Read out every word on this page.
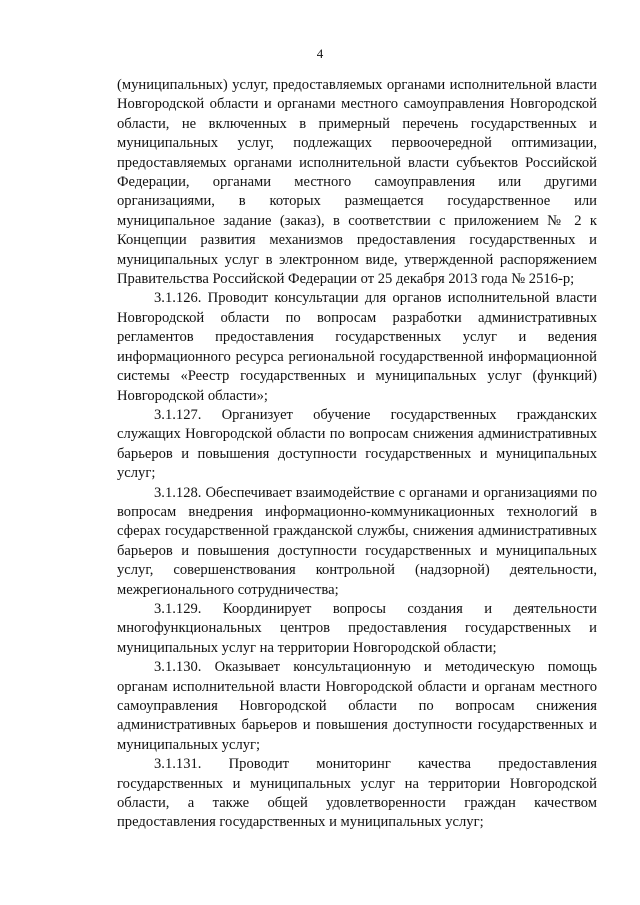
4

(муниципальных) услуг, предоставляемых органами исполнительной власти Новгородской области и органами местного самоуправления Новгородской области, не включенных в примерный перечень государственных и муниципальных услуг, подлежащих первоочередной оптимизации, предоставляемых органами исполнительной власти субъектов Российской Федерации, органами местного самоуправления или другими организациями, в которых размещается государственное или муниципальное задание (заказ), в соответствии с приложением № 2 к Концепции развития механизмов предоставления государственных и муниципальных услуг в электронном виде, утвержденной распоряжением Правительства Российской Федерации от 25 декабря 2013 года № 2516-р;

3.1.126. Проводит консультации для органов исполнительной власти Новгородской области по вопросам разработки административных регламентов предоставления государственных услуг и ведения информационного ресурса региональной государственной информационной системы «Реестр государственных и муниципальных услуг (функций) Новгородской области»;

3.1.127. Организует обучение государственных гражданских служащих Новгородской области по вопросам снижения административных барьеров и повышения доступности государственных и муниципальных услуг;

3.1.128. Обеспечивает взаимодействие с органами и организациями по вопросам внедрения информационно-коммуникационных технологий в сферах государственной гражданской службы, снижения административных барьеров и повышения доступности государственных и муниципальных услуг, совершенствования контрольной (надзорной) деятельности, межрегионального сотрудничества;

3.1.129. Координирует вопросы создания и деятельности многофункциональных центров предоставления государственных и муниципальных услуг на территории Новгородской области;

3.1.130. Оказывает консультационную и методическую помощь органам исполнительной власти Новгородской области и органам местного самоуправления Новгородской области по вопросам снижения административных барьеров и повышения доступности государственных и муниципальных услуг;

3.1.131. Проводит мониторинг качества предоставления государственных и муниципальных услуг на территории Новгородской области, а также общей удовлетворенности граждан качеством предоставления государственных и муниципальных услуг;
